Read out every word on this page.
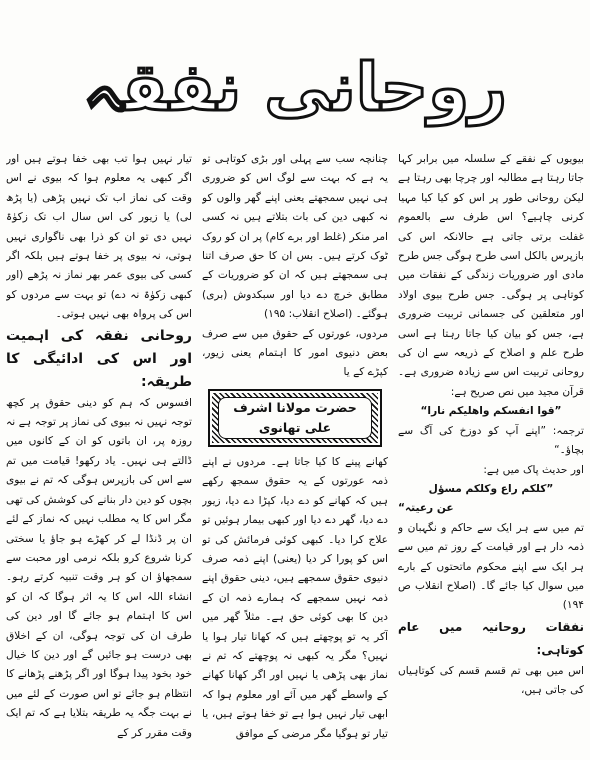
روحانی نفقہ

بیویوں کے نفقے کے سلسلہ میں برابر کہا جاتا رہتا ہے مطالبہ اور چرچا بھی رہتا ہے لیکن روحانی طور پر اس کو کیا کیا مہیا کرنی چاہیے؟ اس طرف سے بالعموم غفلت برتی جاتی ہے حالانکہ اس کی بازپرس بالکل اسی طرح ہوگی جس طرح مادی اور ضروریات زندگی کے نفقات میں کوتاہی پر ہوگی۔ جس طرح بیوی اولاد اور متعلقین کی جسمانی تربیت ضروری ہے، جس کو بیان کیا جاتا رہتا ہے اسی طرح علم و اصلاح کے ذریعہ سے ان کی روحانی تربیت اس سے زیادہ ضروری ہے۔ قرآن مجید میں نص صریح ہے:

”قوا انفسکم واھلیکم نارا“

ترجمہ: ”اپنے آپ کو دوزخ کی آگ سے بچاؤ۔“

اور حدیث پاک میں ہے:

”کلکم راع وکلکم مسؤل

عن رعیتہ“

تم میں سے ہر ایک سے حاکم و نگہبان و ذمہ دار ہے اور قیامت کے روز تم میں سے ہر ایک سے اپنے محکوم ماتحتوں کے بارے میں سوال کیا جائے گا۔ (اصلاح انقلاب ص ۱۹۴)

نفقات روحانیہ میں عام کوتاہی:

اس میں بھی تم قسم قسم کی کوتاہیاں کی جاتی ہیں،

چنانچہ سب سے پہلی اور بڑی کوتاہی تو یہ ہے کہ بہت سے لوگ اس کو ضروری ہی نہیں سمجھتے یعنی اپنے گھر والوں کو نہ کبھی دین کی بات بتلاتے ہیں نہ کسی امر منکر (غلط اور برے کام) پر ان کو روک ٹوک کرتے ہیں۔ بس ان کا حق صرف اتنا ہی سمجھتے ہیں کہ ان کو ضروریات کے مطابق خرچ دے دیا اور سبکدوش (بری) ہوگئے۔ (اصلاح انقلاب: ۱۹۵)

مردوں، عورتوں کے حقوق میں سے صرف بعض دنیوی امور کا اہتمام یعنی زیور، کپڑے کے یا

حضرت مولانا اشرف علی تھانوی

کھانے پینے کا کیا جاتا ہے۔ مردوں نے اپنے ذمہ عورتوں کے یہ حقوق سمجھ رکھے ہیں کہ کھانے کو دے دیا، کپڑا دے دیا، زیور دے دیا، گھر دے دیا اور کبھی بیمار ہوئیں تو علاج کرا دیا۔ کبھی کوئی فرمائش کی تو اس کو پورا کر دیا (یعنی) اپنے ذمہ صرف دنیوی حقوق سمجھے ہیں، دینی حقوق اپنے ذمہ نہیں سمجھے کہ ہمارے ذمہ ان کے دین کا بھی کوئی حق ہے۔ مثلاً گھر میں آکر یہ تو پوچھتے ہیں کہ کھانا تیار ہوا یا نہیں؟ مگر یہ کبھی نہ پوچھتے کہ تم نے نماز بھی پڑھی یا نہیں اور اگر کھانا کھانے کے واسطے گھر میں آئے اور معلوم ہوا کہ ابھی تیار نہیں ہوا ہے تو خفا ہوتے ہیں، یا تیار تو ہوگیا مگر مرضی کے موافق

تیار نہیں ہوا تب بھی خفا ہوتے ہیں اور اگر کبھی یہ معلوم ہوا کہ بیوی نے اس وقت کی نماز اب تک نہیں پڑھی (یا پڑھ لی) یا زیور کی اس سال اب تک زکوٰۃ نہیں دی تو ان کو ذرا بھی ناگواری نہیں ہوتی، نہ بیوی پر خفا ہوتے ہیں بلکہ اگر کسی کی بیوی عمر بھر نماز نہ پڑھے (اور کبھی زکوٰۃ نہ دے) تو بہت سے مردوں کو اس کی پرواہ بھی نہیں ہوتی۔

روحانی نفقہ کی اہمیت اور اس کی ادائیگی کا طریقہ:

افسوس کہ ہم کو دینی حقوق پر کچھ توجہ نہیں نہ بیوی کی نماز پر توجہ ہے نہ روزہ پر، ان باتوں کو ان کے کانوں میں ڈالتے ہی نہیں۔ یاد رکھو! قیامت میں تم سے اس کی بازپرس ہوگی کہ تم نے بیوی بچوں کو دین دار بنانے کی کوشش کی تھی مگر اس کا یہ مطلب نہیں کہ نماز کے لئے ان پر ڈنڈا لے کر کھڑے ہو جاؤ یا سختی کرنا شروع کرو بلکہ نرمی اور محبت سے سمجھاؤ ان کو ہر وقت تنبیہ کرتے رہو۔ انشاء اللہ اس کا یہ اثر ہوگا کہ ان کو اس کا اہتمام ہو جائے گا اور دین کی طرف ان کی توجہ ہوگی، ان کے اخلاق بھی درست ہو جائیں گے اور دین کا خیال خود بخود پیدا ہوگا اور اگر پڑھنے پڑھانے کا انتظام ہو جائے تو اس صورت کے لئے میں نے بہت جگہ یہ طریقہ بتلایا ہے کہ تم ایک وقت مقرر کر کے
